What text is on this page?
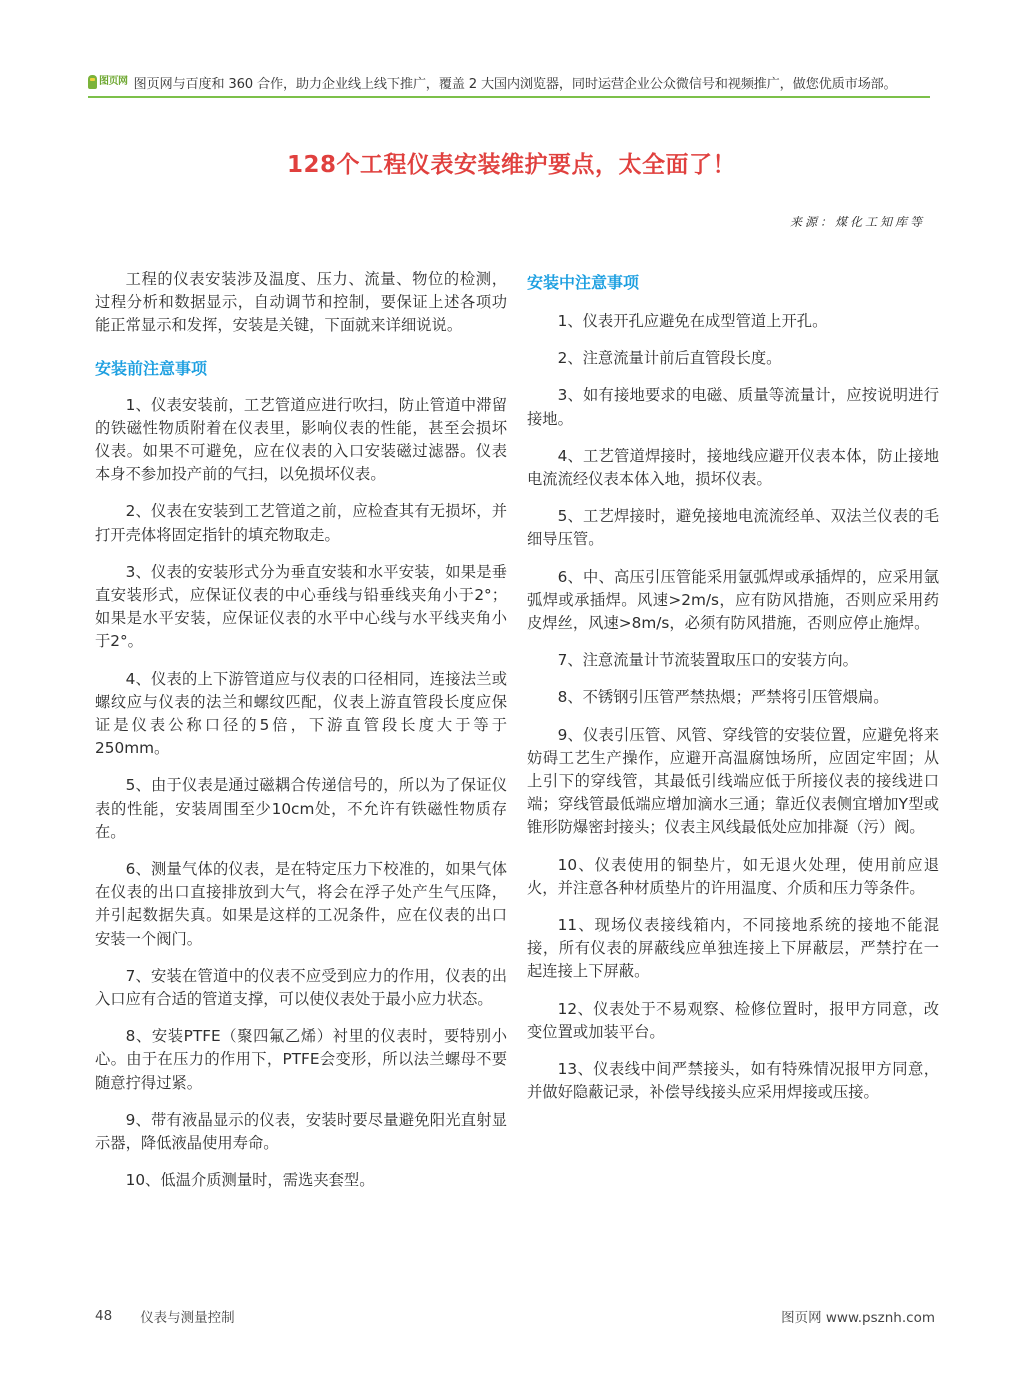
图页网 图页网与百度和 360 合作，助力企业线上线下推广，覆盖 2 大国内浏览器，同时运营企业公众微信号和视频推广，做您优质市场部。
128个工程仪表安装维护要点，太全面了！
来源：煤化工知库等

工程的仪表安装涉及温度、压力、流量、物位的检测，过程分析和数据显示，自动调节和控制，要保证上述各项功能正常显示和发挥，安装是关键，下面就来详细说说。

安装前注意事项

1、仪表安装前，工艺管道应进行吹扫，防止管道中滞留的铁磁性物质附着在仪表里，影响仪表的性能，甚至会损坏仪表。如果不可避免，应在仪表的入口安装磁过滤器。仪表本身不参加投产前的气扫，以免损坏仪表。

2、仪表在安装到工艺管道之前，应检查其有无损坏，并打开壳体将固定指针的填充物取走。

3、仪表的安装形式分为垂直安装和水平安装，如果是垂直安装形式，应保证仪表的中心垂线与铅垂线夹角小于2°；如果是水平安装，应保证仪表的水平中心线与水平线夹角小于2°。

4、仪表的上下游管道应与仪表的口径相同，连接法兰或螺纹应与仪表的法兰和螺纹匹配，仪表上游直管段长度应保证是仪表公称口径的5倍，下游直管段长度大于等于250mm。

5、由于仪表是通过磁耦合传递信号的，所以为了保证仪表的性能，安装周围至少10cm处，不允许有铁磁性物质存在。

6、测量气体的仪表，是在特定压力下校准的，如果气体在仪表的出口直接排放到大气，将会在浮子处产生气压降，并引起数据失真。如果是这样的工况条件，应在仪表的出口安装一个阀门。

7、安装在管道中的仪表不应受到应力的作用，仪表的出入口应有合适的管道支撑，可以使仪表处于最小应力状态。

8、安装PTFE（聚四氟乙烯）衬里的仪表时，要特别小心。由于在压力的作用下，PTFE会变形，所以法兰螺母不要随意拧得过紧。

9、带有液晶显示的仪表，安装时要尽量避免阳光直射显示器，降低液晶使用寿命。

10、低温介质测量时，需选夹套型。

安装中注意事项

1、仪表开孔应避免在成型管道上开孔。

2、注意流量计前后直管段长度。

3、如有接地要求的电磁、质量等流量计，应按说明进行接地。

4、工艺管道焊接时，接地线应避开仪表本体，防止接地电流流经仪表本体入地，损坏仪表。

5、工艺焊接时，避免接地电流流经单、双法兰仪表的毛细导压管。

6、中、高压引压管能采用氩弧焊或承插焊的，应采用氩弧焊或承插焊。风速>2m/s，应有防风措施，否则应采用药皮焊丝，风速>8m/s，必须有防风措施，否则应停止施焊。

7、注意流量计节流装置取压口的安装方向。

8、不锈钢引压管严禁热煨；严禁将引压管煨扁。

9、仪表引压管、风管、穿线管的安装位置，应避免将来妨碍工艺生产操作，应避开高温腐蚀场所，应固定牢固；从上引下的穿线管，其最低引线端应低于所接仪表的接线进口端；穿线管最低端应增加滴水三通；靠近仪表侧宜增加Y型或锥形防爆密封接头；仪表主风线最低处应加排凝（污）阀。

10、仪表使用的铜垫片，如无退火处理，使用前应退火，并注意各种材质垫片的许用温度、介质和压力等条件。

11、现场仪表接线箱内，不同接地系统的接地不能混接，所有仪表的屏蔽线应单独连接上下屏蔽层，严禁拧在一起连接上下屏蔽。

12、仪表处于不易观察、检修位置时，报甲方同意，改变位置或加装平台。

13、仪表线中间严禁接头，如有特殊情况报甲方同意，并做好隐蔽记录，补偿导线接头应采用焊接或压接。

48 仪表与测量控制	图页网 www.psznh.com
